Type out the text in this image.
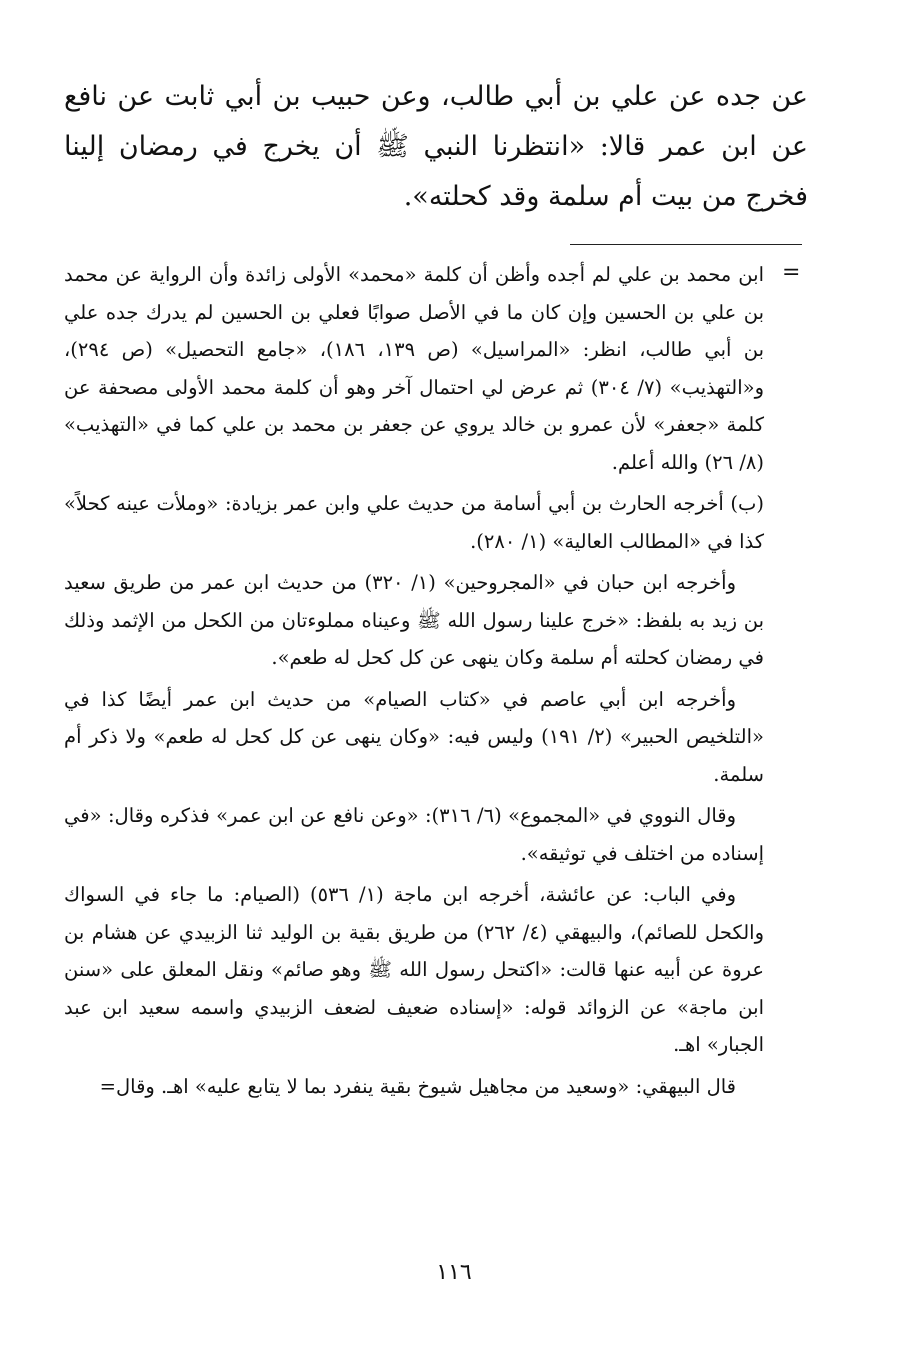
عن جده عن علي بن أبي طالب، وعن حبيب بن أبي ثابت عن نافع عن ابن عمر قالا: «انتظرنا النبي ﷺ أن يخرج في رمضان إلينا فخرج من بيت أم سلمة وقد كحلته».
=

ابن محمد بن علي لم أجده وأظن أن كلمة «محمد» الأولى زائدة وأن الرواية عن محمد بن علي بن الحسين وإن كان ما في الأصل صوابًا فعلي بن الحسين لم يدرك جده علي بن أبي طالب، انظر: «المراسيل» (ص ١٣٩، ١٨٦)، «جامع التحصيل» (ص ٢٩٤)، و«التهذيب» (٧/ ٣٠٤) ثم عرض لي احتمال آخر وهو أن كلمة محمد الأولى مصحفة عن كلمة «جعفر» لأن عمرو بن خالد يروي عن جعفر بن محمد بن علي كما في «التهذيب» (٨/ ٢٦) والله أعلم.

(ب) أخرجه الحارث بن أبي أسامة من حديث علي وابن عمر بزيادة: «وملأت عينه كحلاً» كذا في «المطالب العالية» (١/ ٢٨٠).

وأخرجه ابن حبان في «المجروحين» (١/ ٣٢٠) من حديث ابن عمر من طريق سعيد بن زيد به بلفظ: «خرج علينا رسول الله ﷺ وعيناه مملوءتان من الكحل من الإثمد وذلك في رمضان كحلته أم سلمة وكان ينهى عن كل كحل له طعم».

وأخرجه ابن أبي عاصم في «كتاب الصيام» من حديث ابن عمر أيضًا كذا في «التلخيص الحبير» (٢/ ١٩١) وليس فيه: «وكان ينهى عن كل كحل له طعم» ولا ذكر أم سلمة.

وقال النووي في «المجموع» (٦/ ٣١٦): «وعن نافع عن ابن عمر» فذكره وقال: «في إسناده من اختلف في توثيقه».

وفي الباب: عن عائشة، أخرجه ابن ماجة (١/ ٥٣٦) (الصيام: ما جاء في السواك والكحل للصائم)، والبيهقي (٤/ ٢٦٢) من طريق بقية بن الوليد ثنا الزبيدي عن هشام بن عروة عن أبيه عنها قالت: «اكتحل رسول الله ﷺ وهو صائم» ونقل المعلق على «سنن ابن ماجة» عن الزوائد قوله: «إسناده ضعيف لضعف الزبيدي واسمه سعيد ابن عبد الجبار» اهـ.

قال البيهقي: «وسعيد من مجاهيل شيوخ بقية ينفرد بما لا يتابع عليه» اهـ. وقال=

١١٦
